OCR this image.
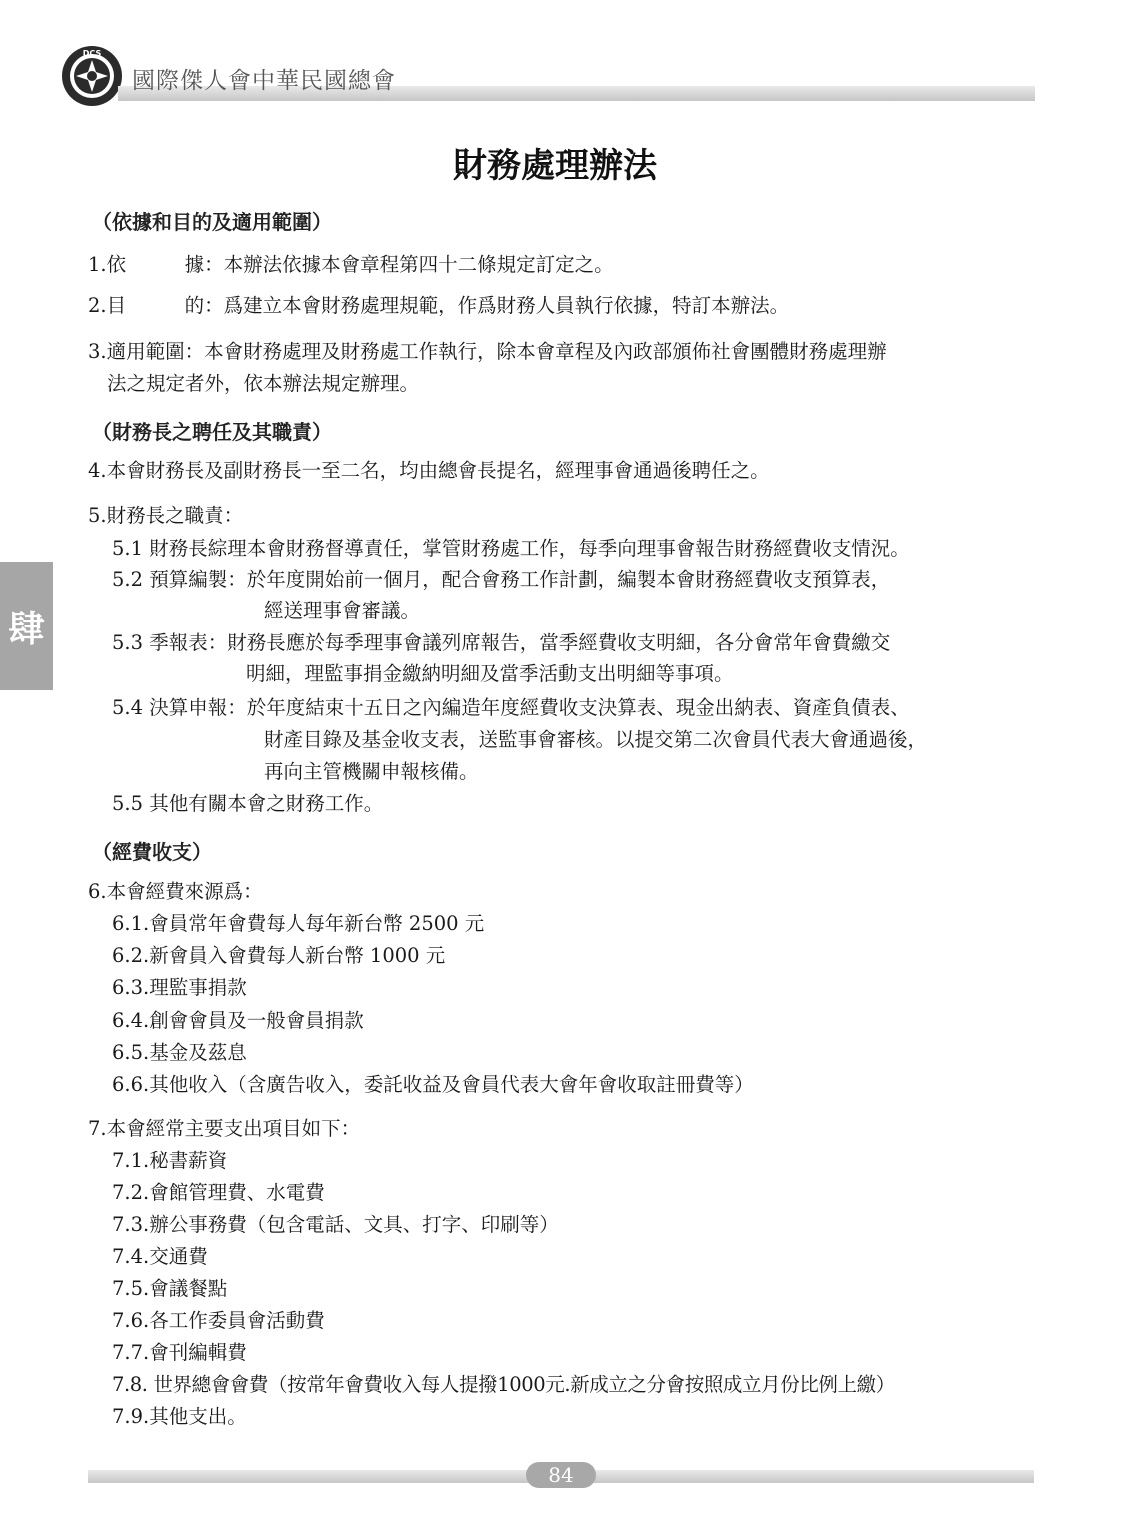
DCS
國際傑人會中華民國總會
肆
財務處理辦法
（依據和目的及適用範圍）
1.依　　　據：本辦法依據本會章程第四十二條規定訂定之。
2.目　　　的：爲建立本會財務處理規範，作爲財務人員執行依據，特訂本辦法。
3.適用範圍：本會財務處理及財務處工作執行，除本會章程及內政部頒佈社會團體財務處理辦
法之規定者外，依本辦法規定辦理。
（財務長之聘任及其職責）
4.本會財務長及副財務長一至二名，均由總會長提名，經理事會通過後聘任之。
5.財務長之職責：
5.1 財務長綜理本會財務督導責任，掌管財務處工作，每季向理事會報告財務經費收支情況。
5.2 預算編製：於年度開始前一個月，配合會務工作計劃，編製本會財務經費收支預算表，
經送理事會審議。
5.3 季報表：財務長應於每季理事會議列席報告，當季經費收支明細，各分會常年會費繳交
明細，理監事捐金繳納明細及當季活動支出明細等事項。
5.4 決算申報：於年度結束十五日之內編造年度經費收支決算表、現金出納表、資產負債表、
財產目錄及基金收支表，送監事會審核。以提交第二次會員代表大會通過後，
再向主管機關申報核備。
5.5 其他有關本會之財務工作。
（經費收支）
6.本會經費來源爲：
6.1.會員常年會費每人每年新台幣 2500 元
6.2.新會員入會費每人新台幣 1000 元
6.3.理監事捐款
6.4.創會會員及一般會員捐款
6.5.基金及茲息
6.6.其他收入（含廣告收入，委託收益及會員代表大會年會收取註冊費等）
7.本會經常主要支出項目如下：
7.1.秘書薪資
7.2.會館管理費、水電費
7.3.辦公事務費（包含電話、文具、打字、印刷等）
7.4.交通費
7.5.會議餐點
7.6.各工作委員會活動費
7.7.會刊編輯費
7.8. 世界總會會費（按常年會費收入每人提撥1000元.新成立之分會按照成立月份比例上繳）
7.9.其他支出。
84
